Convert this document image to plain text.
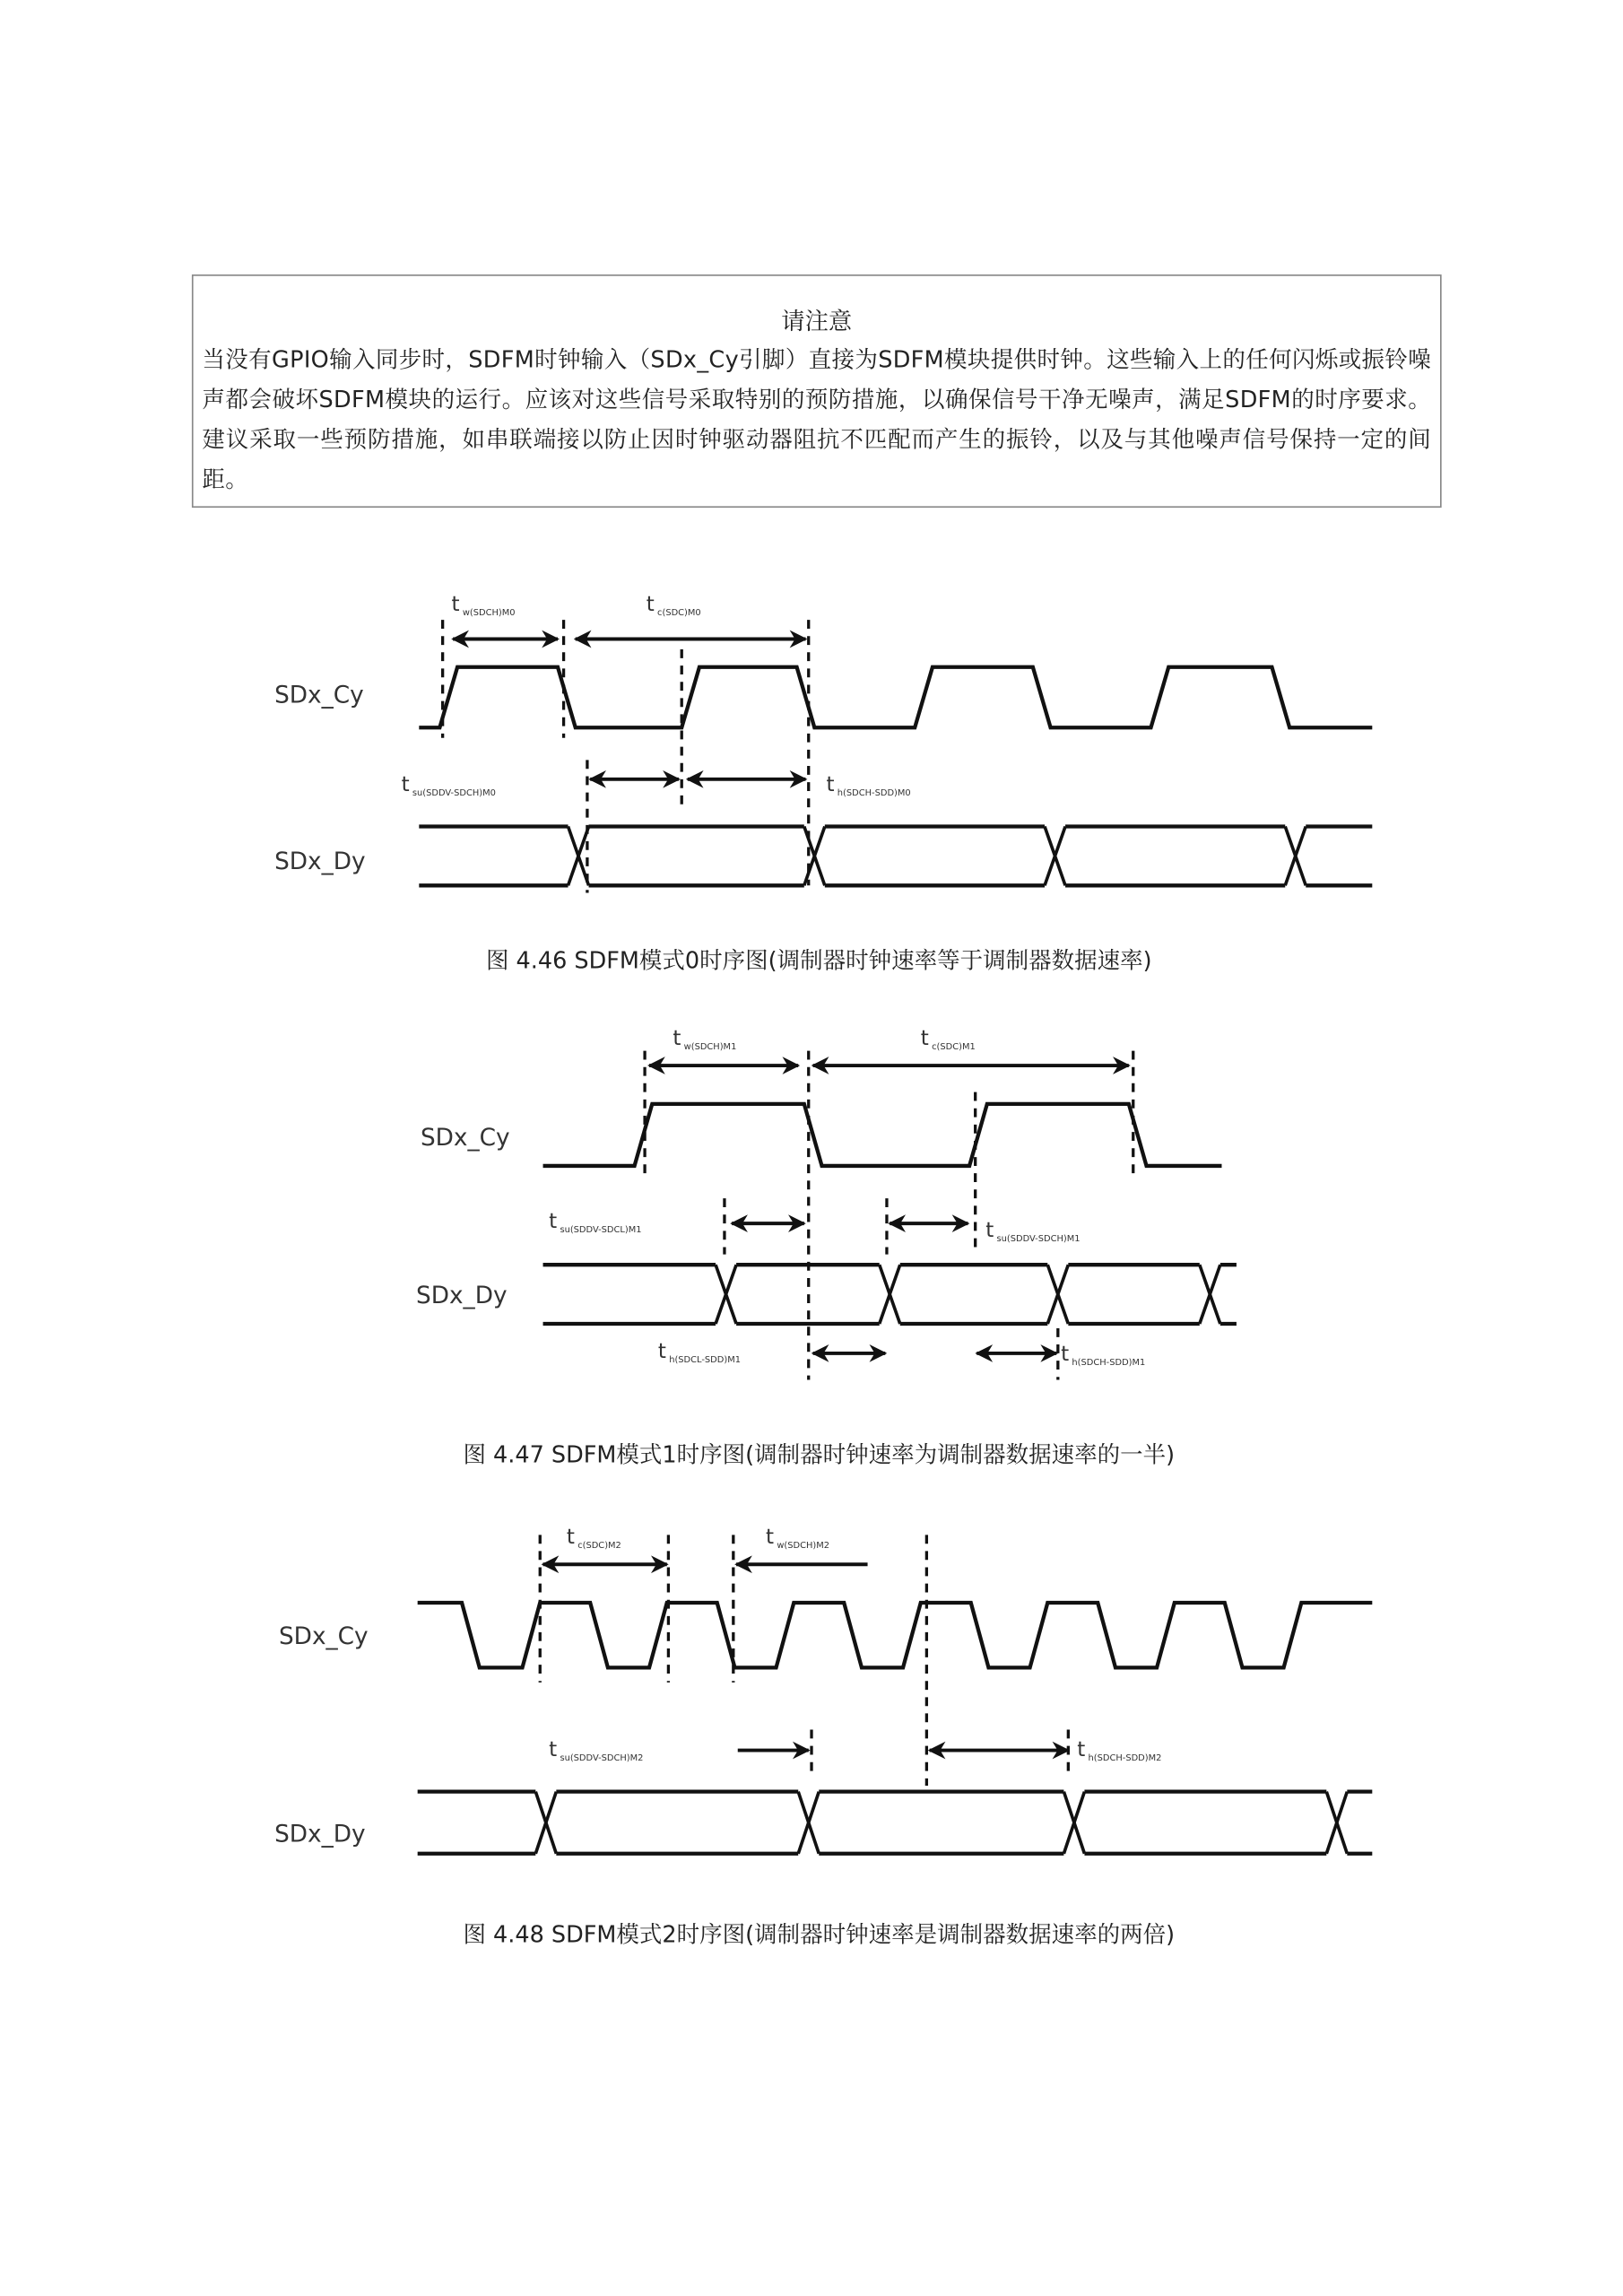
请注意
当没有GPIO输入同步时，SDFM时钟输入（SDx_Cy引脚）直接为SDFM模块提供时钟。这些输入上的任何闪烁或振铃噪声都会破坏SDFM模块的运行。应该对这些信号采取特别的预防措施，以确保信号干净无噪声，满足SDFM的时序要求。建议采取一些预防措施，如串联端接以防止因时钟驱动器阻抗不匹配而产生的振铃，以及与其他噪声信号保持一定的间距。
SDx_Cy
SDx_Dy
t $_{w(SDCH)M0}$	t $_{c(SDC)M0}$
t $_{su(SDDV-SDCH)M0}$	t $_{h(SDCH-SDD)M0}$
图 4.46 SDFM模式0时序图(调制器时钟速率等于调制器数据速率)
SDx_Cy
SDx_Dy
t $_{w(SDCH)M1}$	t $_{c(SDC)M1}$
t $_{su(SDDV-SDCL)M1}$	t $_{su(SDDV-SDCH)M1}$
t $_{h(SDCL-SDD)M1}$	t $_{h(SDCH-SDD)M1}$
图 4.47 SDFM模式1时序图(调制器时钟速率为调制器数据速率的一半)
SDx_Cy
SDx_Dy
t $_{c(SDC)M2}$	t $_{w(SDCH)M2}$
t $_{su(SDDV-SDCH)M2}$	t $_{h(SDCH-SDD)M2}$
图 4.48 SDFM模式2时序图(调制器时钟速率是调制器数据速率的两倍)
